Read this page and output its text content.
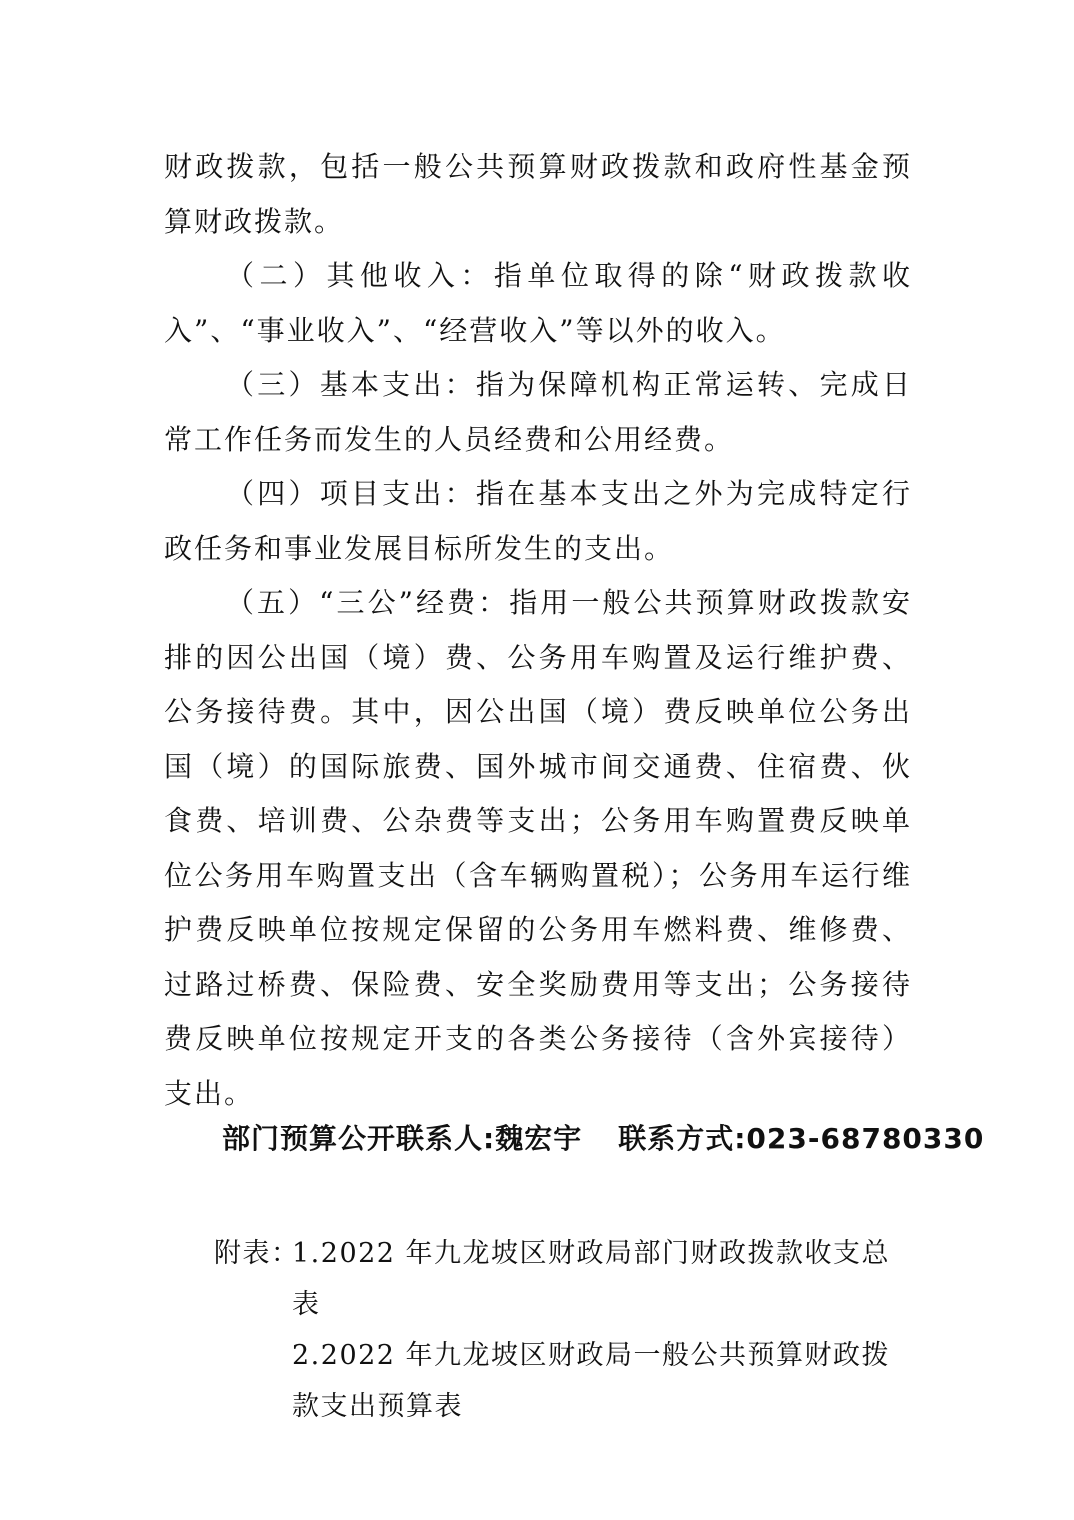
财政拨款，包括一般公共预算财政拨款和政府性基金预算财政拨款。

（二）其他收入：指单位取得的除“财政拨款收入”、“事业收入”、“经营收入”等以外的收入。

（三）基本支出：指为保障机构正常运转、完成日常工作任务而发生的人员经费和公用经费。

（四）项目支出：指在基本支出之外为完成特定行政任务和事业发展目标所发生的支出。

（五）“三公”经费：指用一般公共预算财政拨款安排的因公出国（境）费、公务用车购置及运行维护费、公务接待费。其中，因公出国（境）费反映单位公务出国（境）的国际旅费、国外城市间交通费、住宿费、伙食费、培训费、公杂费等支出；公务用车购置费反映单位公务用车购置支出（含车辆购置税）；公务用车运行维护费反映单位按规定保留的公务用车燃料费、维修费、过路过桥费、保险费、安全奖励费用等支出；公务接待费反映单位按规定开支的各类公务接待（含外宾接待）支出。

部门预算公开联系人:魏宏宇 联系方式:023-68780330
附表：
1.2022 年九龙坡区财政局部门财政拨款收支总表
2.2022 年九龙坡区财政局一般公共预算财政拨款支出预算表
